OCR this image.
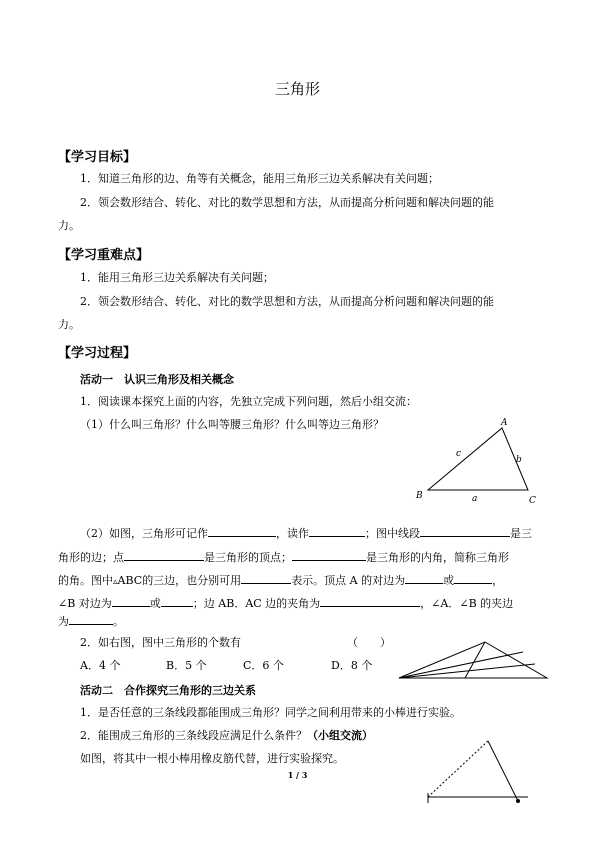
三角形
【学习目标】
1．知道三角形的边、角等有关概念，能用三角形三边关系解决有关问题；
2．领会数形结合、转化、对比的数学思想和方法，从而提高分析问题和解决问题的能
力。
【学习重难点】
1．能用三角形三边关系解决有关问题；
2．领会数形结合、转化、对比的数学思想和方法，从而提高分析问题和解决问题的能
力。
【学习过程】
活动一　认识三角形及相关概念
1．阅读课本探究上面的内容，先独立完成下列问题，然后小组交流：
（1）什么叫三角形？什么叫等腰三角形？什么叫等边三角形？	A
B	C
a
b
c
（2）如图，三角形可记作	，读作	；图中线段	是三
角形的边；点	是三角形的顶点；	是三角形的内角，简称三角形
的角。图中▵ABC的三边，也分别可用	表示。顶点 A 的对边为	或	，
∠B 对边为	或	；边 AB．AC 边的夹角为	，∠A．∠B 的夹边
为	。
2．如右图，图中三角形的个数有	（　　）
A．4 个	B．5 个	C．6 个	D．8 个
活动二　合作探究三角形的三边关系
1．是否任意的三条线段都能围成三角形？同学之间利用带来的小棒进行实验。
2．能围成三角形的三条线段应满足什么条件？（小组交流）
如图，将其中一根小棒用橡皮筋代替，进行实验探究。
1 / 3
